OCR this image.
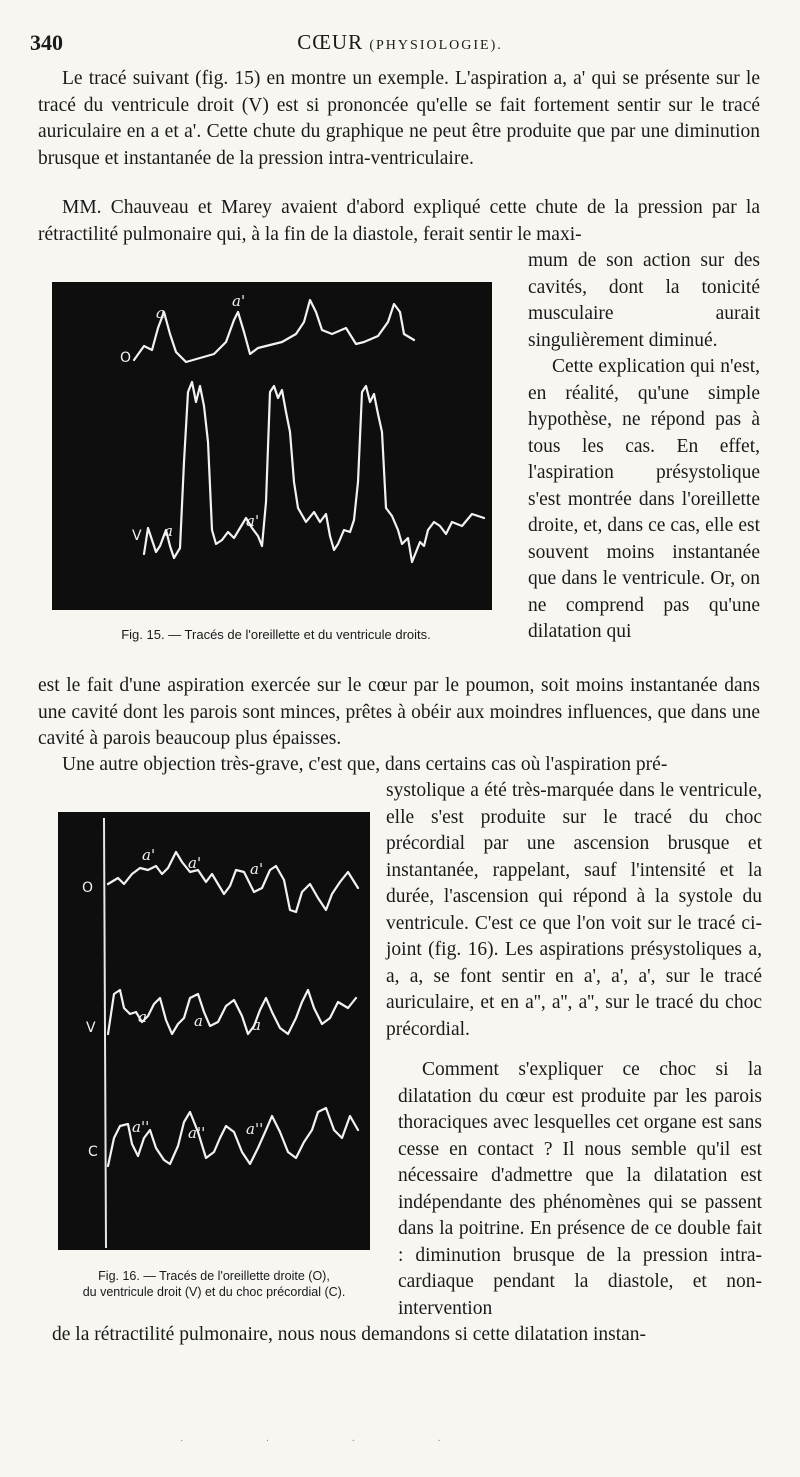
340	CŒUR (PHYSIOLOGIE).

Le tracé suivant (fig. 15) en montre un exemple. L'aspiration a, a' qui se présente sur le tracé du ventricule droit (V) est si prononcée qu'elle se fait fortement sentir sur le tracé auriculaire en a et a'. Cette chute du graphique ne peut être produite que par une diminution brusque et instantanée de la pression intra-ventriculaire.

MM. Chauveau et Marey avaient d'abord expliqué cette chute de la pression par la rétractilité pulmonaire qui, à la fin de la diastole, ferait sentir le maxi-

mum de son action sur des cavités, dont la tonicité musculaire aurait singulièrement diminué.

Cette explication qui n'est, en réalité, qu'une simple hypothèse, ne répond pas à tous les cas. En effet, l'aspiration présystolique s'est montrée dans l'oreillette droite, et, dans ce cas, elle est souvent moins instantanée que dans le ventricule. Or, on ne comprend pas qu'une dilatation qui

O
a
a'
V a
a'
Fig. 15. — Tracés de l'oreillette et du ventricule droits.

est le fait d'une aspiration exercée sur le cœur par le poumon, soit moins instantanée dans une cavité dont les parois sont minces, prêtes à obéir aux moindres influences, que dans une cavité à parois beaucoup plus épaisses.

Une autre objection très-grave, c'est que, dans certains cas où l'aspiration pré-

systolique a été très-marquée dans le ventricule, elle s'est produite sur le tracé du choc précordial par une ascension brusque et instantanée, rappelant, sauf l'intensité et la durée, l'ascension qui répond à la systole du ventricule. C'est ce que l'on voit sur le tracé ci-joint (fig. 16). Les aspirations présystoliques a, a, a, se font sentir en a', a', a', sur le tracé auriculaire, et en a'', a'', a'', sur le tracé du choc précordial.

Comment s'expliquer ce choc si la dilatation du cœur est produite par les parois thoraciques avec lesquelles cet organe est sans cesse en contact ? Il nous semble qu'il est nécessaire d'admettre que la dilatation est indépendante des phénomènes qui se passent dans la poitrine. En présence de ce double fait : diminution brusque de la pression intra-cardiaque pendant la diastole, et non-intervention

O
a' a'	a'
V
a	a	a
C
a''	a''	a''
Fig. 16. — Tracés de l'oreillette droite (O),
du ventricule droit (V) et du choc précordial (C).

de la rétractilité pulmonaire, nous nous demandons si cette dilatation instan-

· · · ·
